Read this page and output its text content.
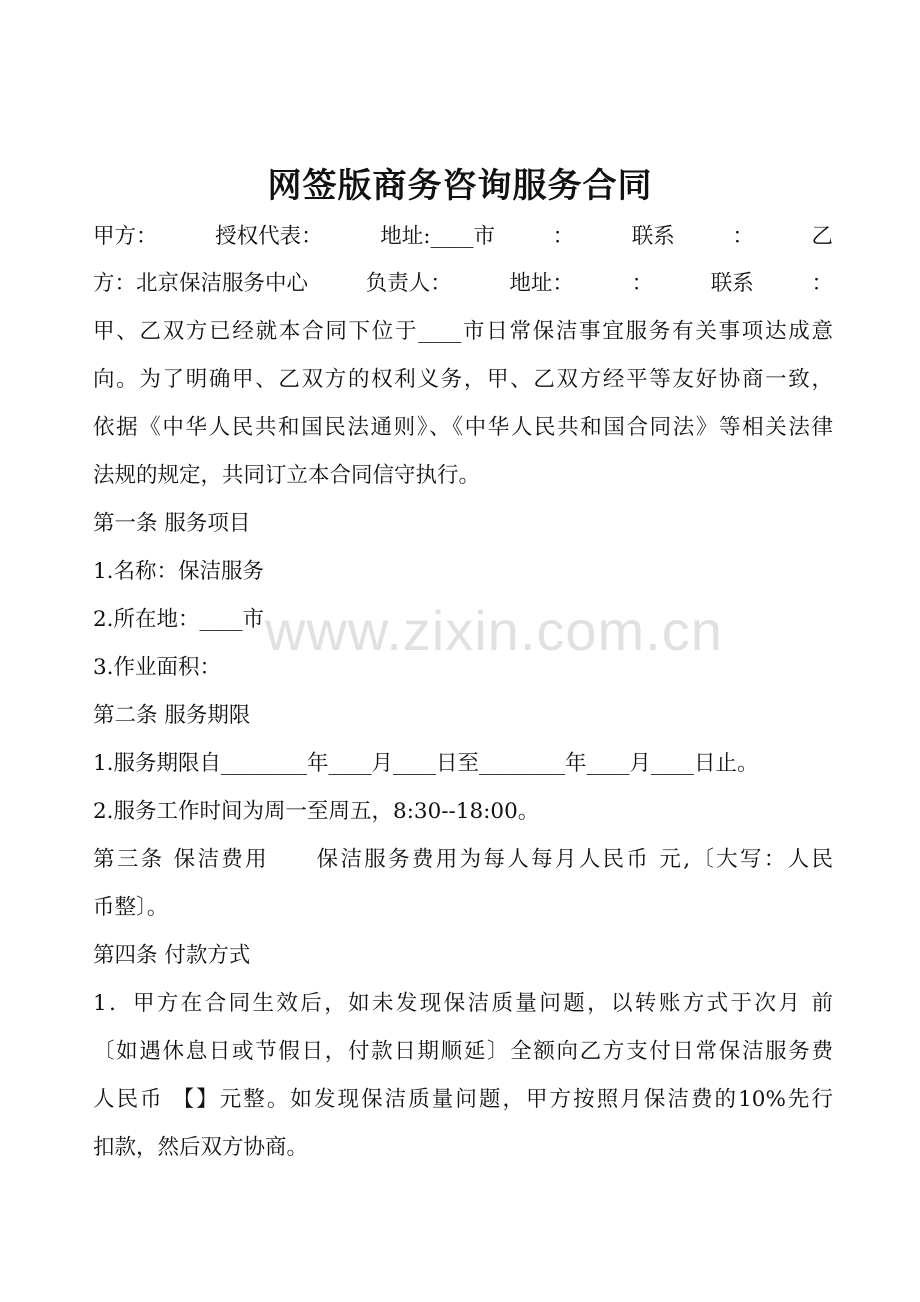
网签版商务咨询服务合同
甲方：	授权代表：	地址:____市	：	联系	：	乙
方：北京保洁服务中心	负责人：	地址：	：	联系	：
甲、乙双方已经就本合同下位于____市日常保洁事宜服务有关事项达成意
向。为了明确甲、乙双方的权利义务，甲、乙双方经平等友好协商一致，
依据《中华人民共和国民法通则》、《中华人民共和国合同法》等相关法律
法规的规定，共同订立本合同信守执行。
第一条 服务项目
1.名称：保洁服务
2.所在地：____市
3.作业面积：
第二条 服务期限
1.服务期限自________年____月____日至________年____月____日止。
2.服务工作时间为周一至周五，8:30--18:00。
第三条 保洁费用　　保洁服务费用为每人每月人民币 元,〔大写：人民
币整〕。
第四条 付款方式
1．甲方在合同生效后，如未发现保洁质量问题，以转账方式于次月 前
〔如遇休息日或节假日，付款日期顺延〕全额向乙方支付日常保洁服务费
人民币 【】元整。如发现保洁质量问题，甲方按照月保洁费的10%先行
扣款，然后双方协商。
www.zixin.com.cn
